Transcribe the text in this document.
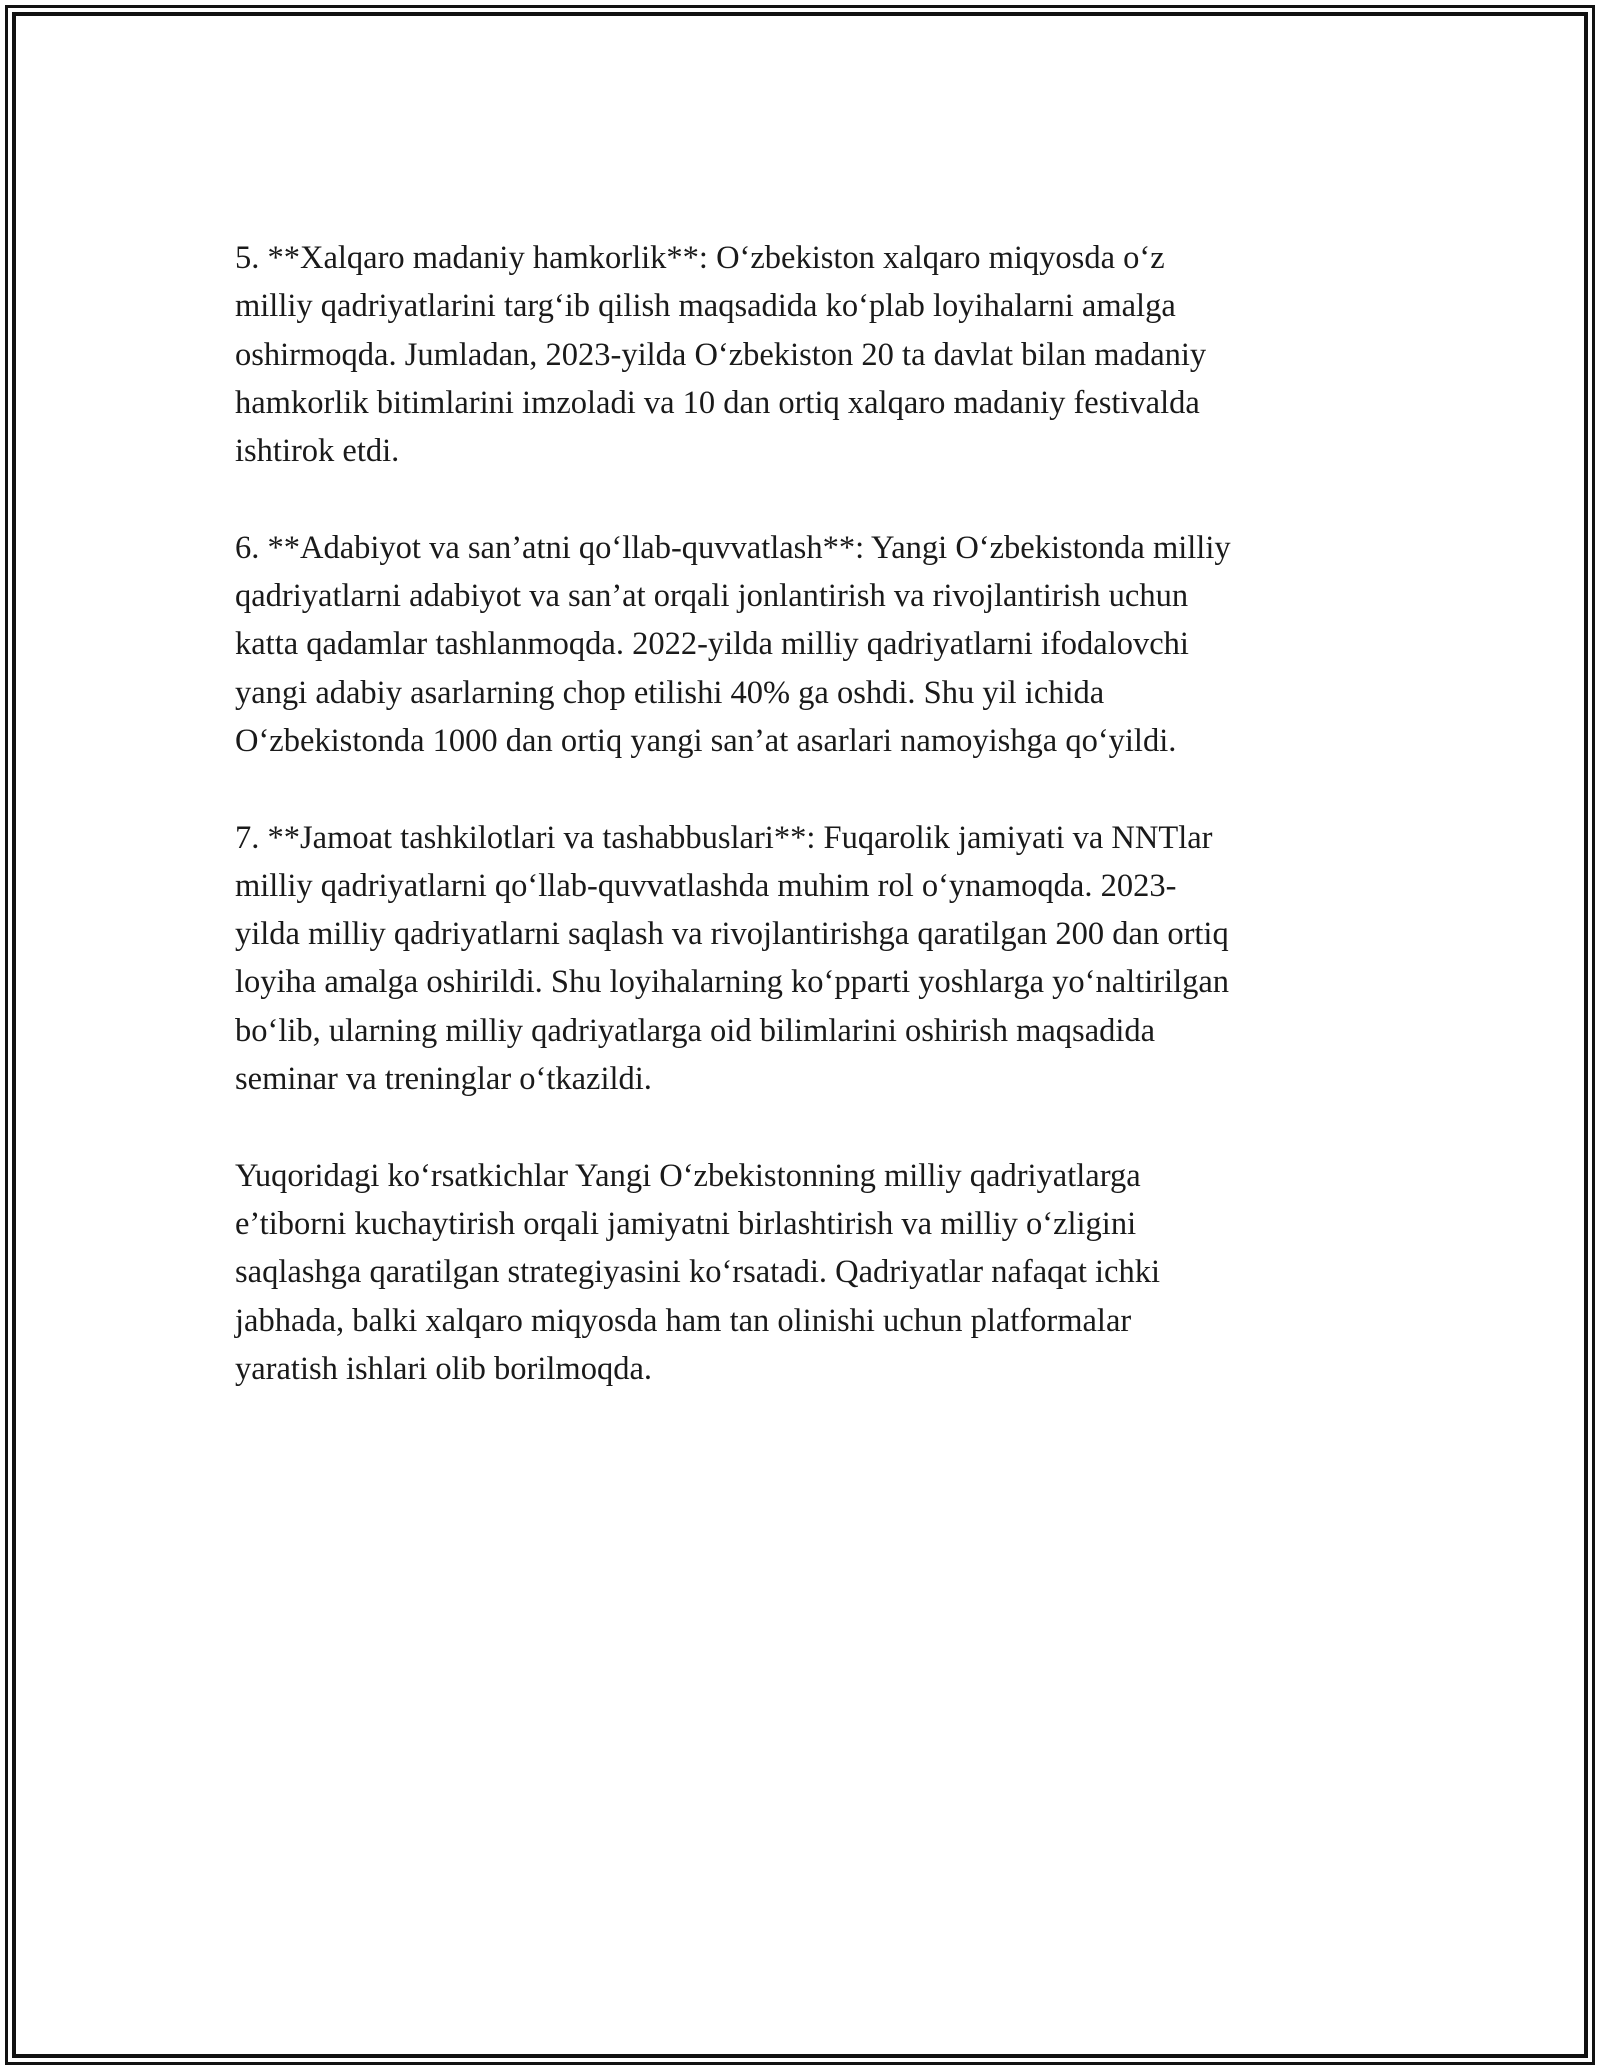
5. **Xalqaro madaniy hamkorlik**: O‘zbekiston xalqaro miqyosda o‘z
milliy qadriyatlarini targ‘ib qilish maqsadida ko‘plab loyihalarni amalga
oshirmoqda. Jumladan, 2023-yilda O‘zbekiston 20 ta davlat bilan madaniy
hamkorlik bitimlarini imzoladi va 10 dan ortiq xalqaro madaniy festivalda
ishtirok etdi.

6. **Adabiyot va san’atni qo‘llab-quvvatlash**: Yangi O‘zbekistonda milliy
qadriyatlarni adabiyot va san’at orqali jonlantirish va rivojlantirish uchun
katta qadamlar tashlanmoqda. 2022-yilda milliy qadriyatlarni ifodalovchi
yangi adabiy asarlarning chop etilishi 40% ga oshdi. Shu yil ichida
O‘zbekistonda 1000 dan ortiq yangi san’at asarlari namoyishga qo‘yildi.

7. **Jamoat tashkilotlari va tashabbuslari**: Fuqarolik jamiyati va NNTlar
milliy qadriyatlarni qo‘llab-quvvatlashda muhim rol o‘ynamoqda. 2023-
yilda milliy qadriyatlarni saqlash va rivojlantirishga qaratilgan 200 dan ortiq
loyiha amalga oshirildi. Shu loyihalarning ko‘pparti yoshlarga yo‘naltirilgan
bo‘lib, ularning milliy qadriyatlarga oid bilimlarini oshirish maqsadida
seminar va treninglar o‘tkazildi.

Yuqoridagi ko‘rsatkichlar Yangi O‘zbekistonning milliy qadriyatlarga
e’tiborni kuchaytirish orqali jamiyatni birlashtirish va milliy o‘zligini
saqlashga qaratilgan strategiyasini ko‘rsatadi. Qadriyatlar nafaqat ichki
jabhada, balki xalqaro miqyosda ham tan olinishi uchun platformalar
yaratish ishlari olib borilmoqda.
